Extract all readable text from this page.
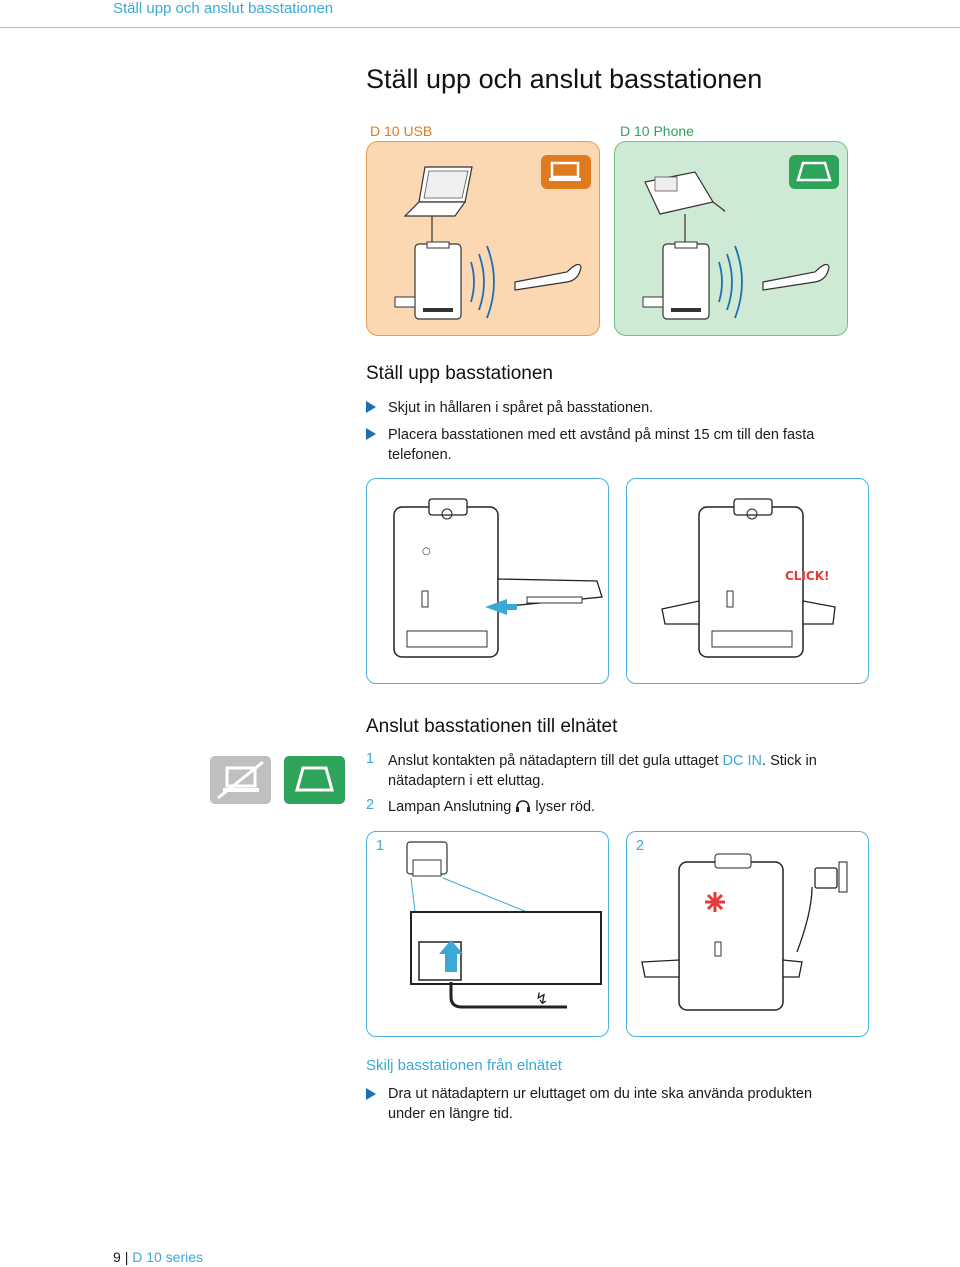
Ställ upp och anslut basstationen
Ställ upp och anslut basstationen
D 10 USB	D 10 Phone
Ställ upp basstationen
Skjut in hållaren i spåret på basstationen.
Placera basstationen med ett avstånd på minst 15 cm till den fasta
telefonen.
○
CLICK!
Anslut basstationen till elnätet
1 Anslut kontakten på nätadaptern till det gula uttaget DC IN. Stick in
nätadaptern i ett eluttag.
2 Lampan Anslutning lyser röd.
1
↯
2
Skilj basstationen från elnätet
Dra ut nätadaptern ur eluttaget om du inte ska använda produkten
under en längre tid.
9 | D 10 series
